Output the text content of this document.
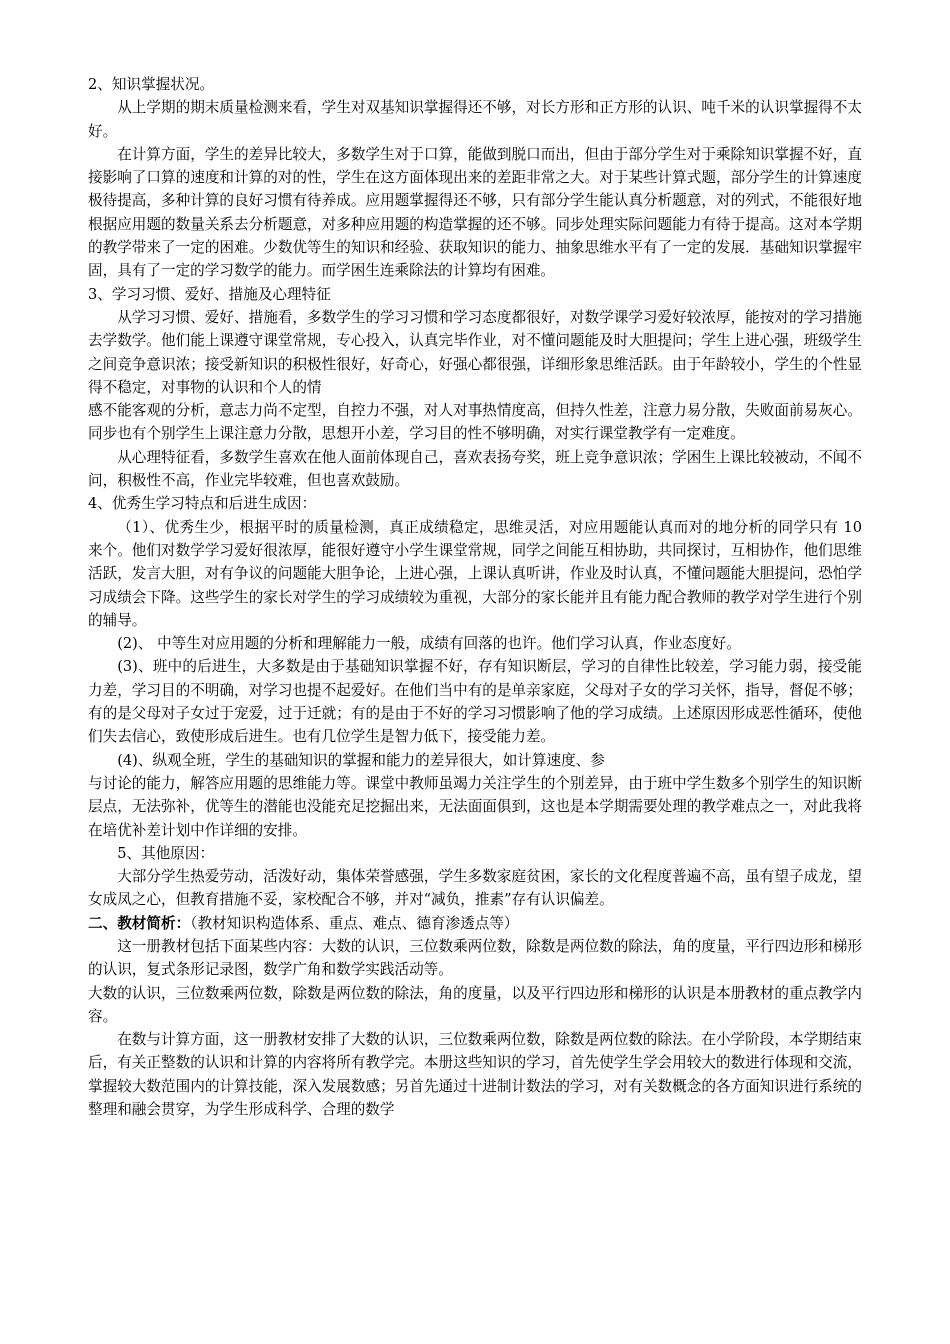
2、知识掌握状况。
从上学期的期末质量检测来看，学生对双基知识掌握得还不够，对长方形和正方形的认识、吨千米的认识掌握得不太好。
在计算方面，学生的差异比较大，多数学生对于口算，能做到脱口而出，但由于部分学生对于乘除知识掌握不好，直接影响了口算的速度和计算的对的性，学生在这方面体现出来的差距非常之大。对于某些计算式题，部分学生的计算速度极待提高，多种计算的良好习惯有待养成。应用题掌握得还不够，只有部分学生能认真分析题意，对的列式，不能很好地根据应用题的数量关系去分析题意，对多种应用题的构造掌握的还不够。同步处理实际问题能力有待于提高。这对本学期的教学带来了一定的困难。少数优等生的知识和经验、获取知识的能力、抽象思维水平有了一定的发展．基础知识掌握牢固，具有了一定的学习数学的能力。而学困生连乘除法的计算均有困难。
3、学习习惯、爱好、措施及心理特征
从学习习惯、爱好、措施看，多数学生的学习习惯和学习态度都很好，对数学课学习爱好较浓厚，能按对的学习措施去学数学。他们能上课遵守课堂常规，专心投入，认真完毕作业，对不懂问题能及时大胆提问；学生上进心强，班级学生之间竞争意识浓；接受新知识的积极性很好，好奇心，好强心都很强，详细形象思维活跃。由于年龄较小，学生的个性显得不稳定，对事物的认识和个人的情
感不能客观的分析，意志力尚不定型，自控力不强，对人对事热情度高，但持久性差，注意力易分散，失败面前易灰心。同步也有个别学生上课注意力分散，思想开小差，学习目的性不够明确，对实行课堂教学有一定难度。
从心理特征看，多数学生喜欢在他人面前体现自己，喜欢表扬夸奖，班上竞争意识浓；学困生上课比较被动，不闻不问，积极性不高，作业完毕较难，但也喜欢鼓励。
4、优秀生学习特点和后进生成因：
（1）、优秀生少，根据平时的质量检测，真正成绩稳定，思维灵活，对应用题能认真而对的地分析的同学只有 10 来个。他们对数学学习爱好很浓厚，能很好遵守小学生课堂常规，同学之间能互相协助，共同探讨，互相协作，他们思维活跃，发言大胆，对有争议的问题能大胆争论，上进心强，上课认真听讲，作业及时认真，不懂问题能大胆提问，恐怕学习成绩会下降。这些学生的家长对学生的学习成绩较为重视，大部分的家长能并且有能力配合教师的教学对学生进行个别的辅导。
(2)、 中等生对应用题的分析和理解能力一般，成绩有回落的也许。他们学习认真，作业态度好。
(3)、班中的后进生，大多数是由于基础知识掌握不好，存有知识断层，学习的自律性比较差，学习能力弱，接受能力差，学习目的不明确，对学习也提不起爱好。在他们当中有的是单亲家庭，父母对子女的学习关怀，指导，督促不够；有的是父母对子女过于宠爱，过于迁就；有的是由于不好的学习习惯影响了他的学习成绩。上述原因形成恶性循环，使他们失去信心，致使形成后进生。也有几位学生是智力低下，接受能力差。
(4)、纵观全班，学生的基础知识的掌握和能力的差异很大，如计算速度、参
与讨论的能力，解答应用题的思维能力等。课堂中教师虽竭力关注学生的个别差异，由于班中学生数多个别学生的知识断层点，无法弥补，优等生的潜能也没能充足挖掘出来，无法面面俱到，这也是本学期需要处理的教学难点之一，对此我将在培优补差计划中作详细的安排。
5、其他原因：
大部分学生热爱劳动，活泼好动，集体荣誉感强，学生多数家庭贫困，家长的文化程度普遍不高，虽有望子成龙，望女成凤之心，但教育措施不妥，家校配合不够，并对“减负，推素”存有认识偏差。
二、教材简析：（教材知识构造体系、重点、难点、德育渗透点等）
这一册教材包括下面某些内容：大数的认识，三位数乘两位数，除数是两位数的除法，角的度量，平行四边形和梯形的认识，复式条形记录图，数学广角和数学实践活动等。
大数的认识，三位数乘两位数，除数是两位数的除法，角的度量，以及平行四边形和梯形的认识是本册教材的重点教学内容。
在数与计算方面，这一册教材安排了大数的认识，三位数乘两位数，除数是两位数的除法。在小学阶段，本学期结束后，有关正整数的认识和计算的内容将所有教学完。本册这些知识的学习，首先使学生学会用较大的数进行体现和交流，掌握较大数范围内的计算技能，深入发展数感；另首先通过十进制计数法的学习，对有关数概念的各方面知识进行系统的整理和融会贯穿，为学生形成科学、合理的数学
